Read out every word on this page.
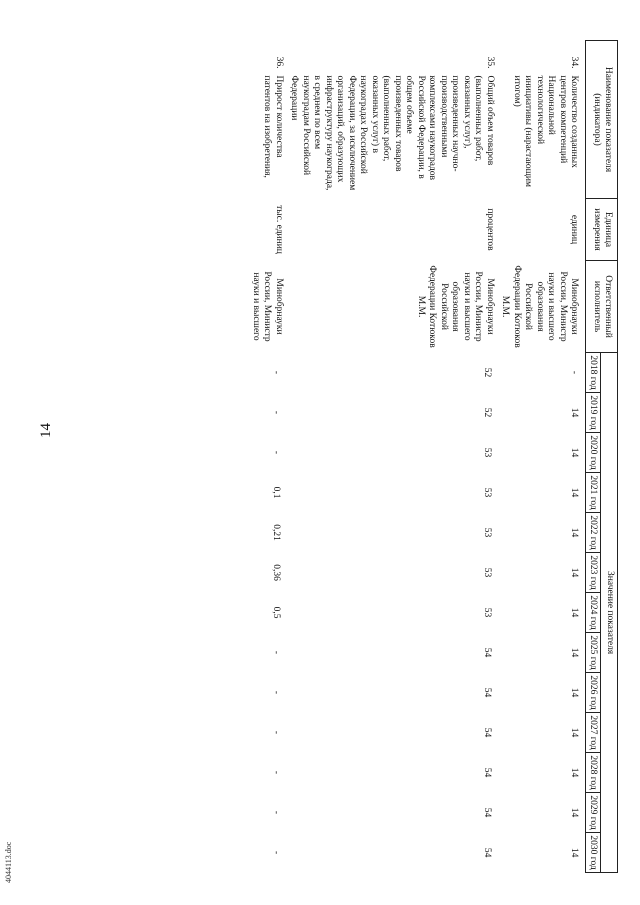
14
4044113.doc
Наименование показателя (индикатора)		Единица измерения	Ответственный исполнитель	Значение показателя												
				2018 год	2019 год	2020 год	2021 год	2022 год	2023 год	2024 год	2025 год	2026 год	2027 год	2028 год	2029 год	2030 год
34.	Количество созданных центров компетенций Национальной технологической инициативы (нарастающим итогом)	единиц	Минобрнауки России, Министр науки и высшего образования Российской Федерации Котюков М.М.	-	14	14	14	14	14	14	14	14	14	14	14	14
35.	Общий объем товаров (выполненных работ, оказанных услуг), произведенных научно-производственными комплексами наукоградов Российской Федерации, в общем объеме произведенных товаров (выполненных работ, оказанных услуг) в наукоградах Российской Федерации, за исключением организаций, образующих инфраструктуру наукограда, в среднем по всем наукоградам Российской Федерации	процентов	Минобрнауки России, Министр науки и высшего образования Российской Федерации Котюков М.М.	52	52	53	53	53	53	53	54	54	54	54	54	54
36.	Прирост количества патентов на изобретения,	тыс. единиц	Минобрнауки России, Министр науки и высшего	-	-	-	0,1	0,21	0,36	0,5	-	-	-	-	-	-
